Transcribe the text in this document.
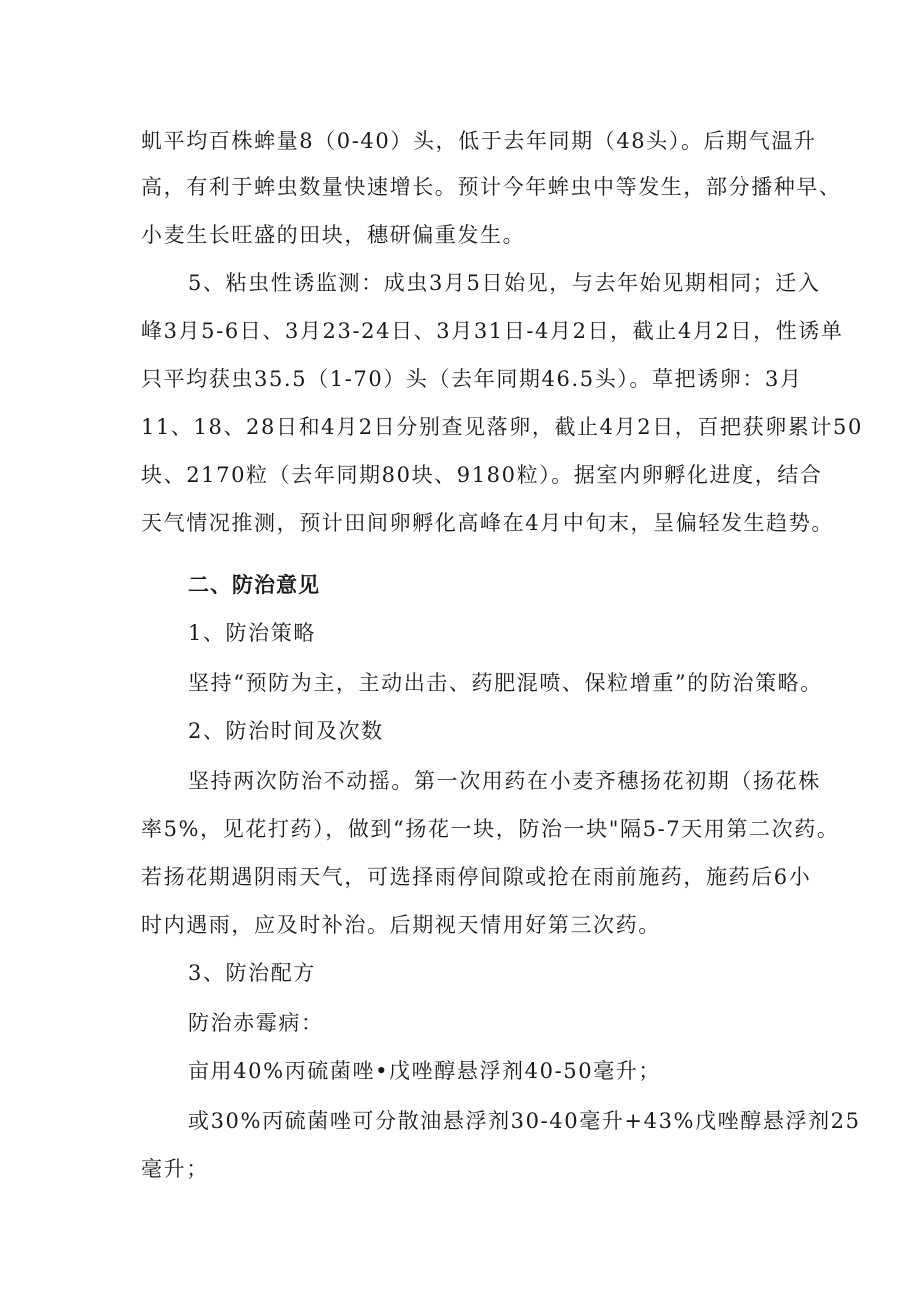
虮平均百株蛑量8（0-40）头，低于去年同期（48头）。后期气温升
高，有利于蛑虫数量快速增长。预计今年蛑虫中等发生，部分播种早、
小麦生长旺盛的田块，穗研偏重发生。
5、粘虫性诱监测：成虫3月5日始见，与去年始见期相同；迁入
峰3月5-6日、3月23-24日、3月31日-4月2日，截止4月2日，性诱单
只平均获虫35.5（1-70）头（去年同期46.5头）。草把诱卵：3月
11、18、28日和4月2日分别查见落卵，截止4月2日，百把获卵累计50
块、2170粒（去年同期80块、9180粒）。据室内卵孵化进度，结合
天气情况推测，预计田间卵孵化高峰在4月中旬末，呈偏轻发生趋势。
二、防治意见
1、防治策略
坚持“预防为主，主动出击、药肥混喷、保粒增重”的防治策略。
2、防治时间及次数
坚持两次防治不动摇。第一次用药在小麦齐穗扬花初期（扬花株
率5%，见花打药），做到“扬花一块，防治一块"隔5-7天用第二次药。
若扬花期遇阴雨天气，可选择雨停间隙或抢在雨前施药，施药后6小
时内遇雨，应及时补治。后期视天情用好第三次药。
3、防治配方
防治赤霉病：
亩用40%丙硫菌唑•戊唑醇悬浮剂40-50毫升；
或30%丙硫菌唑可分散油悬浮剂30-40毫升+43%戊唑醇悬浮剂25
毫升；
